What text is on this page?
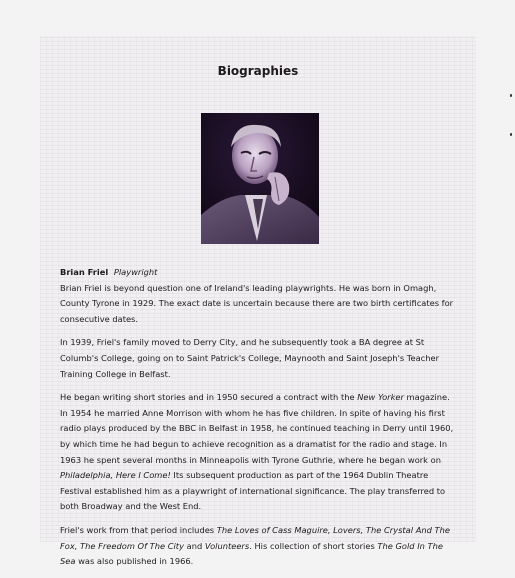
Biographies

Brian Friel Playwright

Brian Friel is beyond question one of Ireland's leading playwrights. He was born in Omagh, County Tyrone in 1929. The exact date is uncertain because there are two birth certificates for consecutive dates.

In 1939, Friel's family moved to Derry City, and he subsequently took a BA degree at St Columb's College, going on to Saint Patrick's College, Maynooth and Saint Joseph's Teacher Training College in Belfast.

He began writing short stories and in 1950 secured a contract with the New Yorker magazine. In 1954 he married Anne Morrison with whom he has five children. In spite of having his first radio plays produced by the BBC in Belfast in 1958, he continued teaching in Derry until 1960, by which time he had begun to achieve recognition as a dramatist for the radio and stage. In 1963 he spent several months in Minneapolis with Tyrone Guthrie, where he began work on Philadelphia, Here I Come! Its subsequent production as part of the 1964 Dublin Theatre Festival established him as a playwright of international significance. The play transferred to both Broadway and the West End.

Friel's work from that period includes The Loves of Cass Maguire, Lovers, The Crystal And The Fox, The Freedom Of The City and Volunteers. His collection of short stories The Gold In The Sea was also published in 1966.
